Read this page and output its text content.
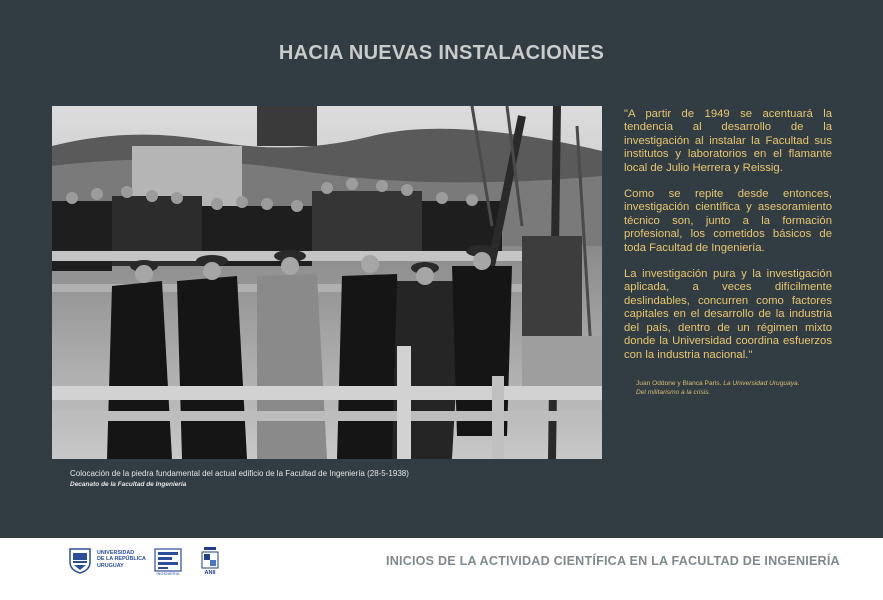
HACIA NUEVAS INSTALACIONES
Colocación de la piedra fundamental del actual edificio de la Facultad de Ingeniería (28-5-1938)
Decanato de la Facultad de Ingeniería

"A partir de 1949 se acentuará la tendencia al desarrollo de la investigación al instalar la Facultad sus institutos y laboratorios en el flamante local de Julio Herrera y Reissig.

Como se repite desde entonces, investigación científica y asesoramiento técnico son, junto a la formación profesional, los cometidos básicos de toda Facultad de Ingeniería.

La investigación pura y la investigación aplicada, a veces difícilmente deslindables, concurren como factores capitales en el desarrollo de la industria del país, dentro de un régimen mixto donde la Universidad coordina esfuerzos con la industria nacional."

Juan Oddone y Blanca Paris. La Universidad Uruguaya.
Del militarismo a la crisis.
UNIVERSIDAD
DE LA REPÚBLICA
URUGUAY
INGENIERIA	ANII
INICIOS DE LA ACTIVIDAD CIENTÍFICA EN LA FACULTAD DE INGENIERÍA
